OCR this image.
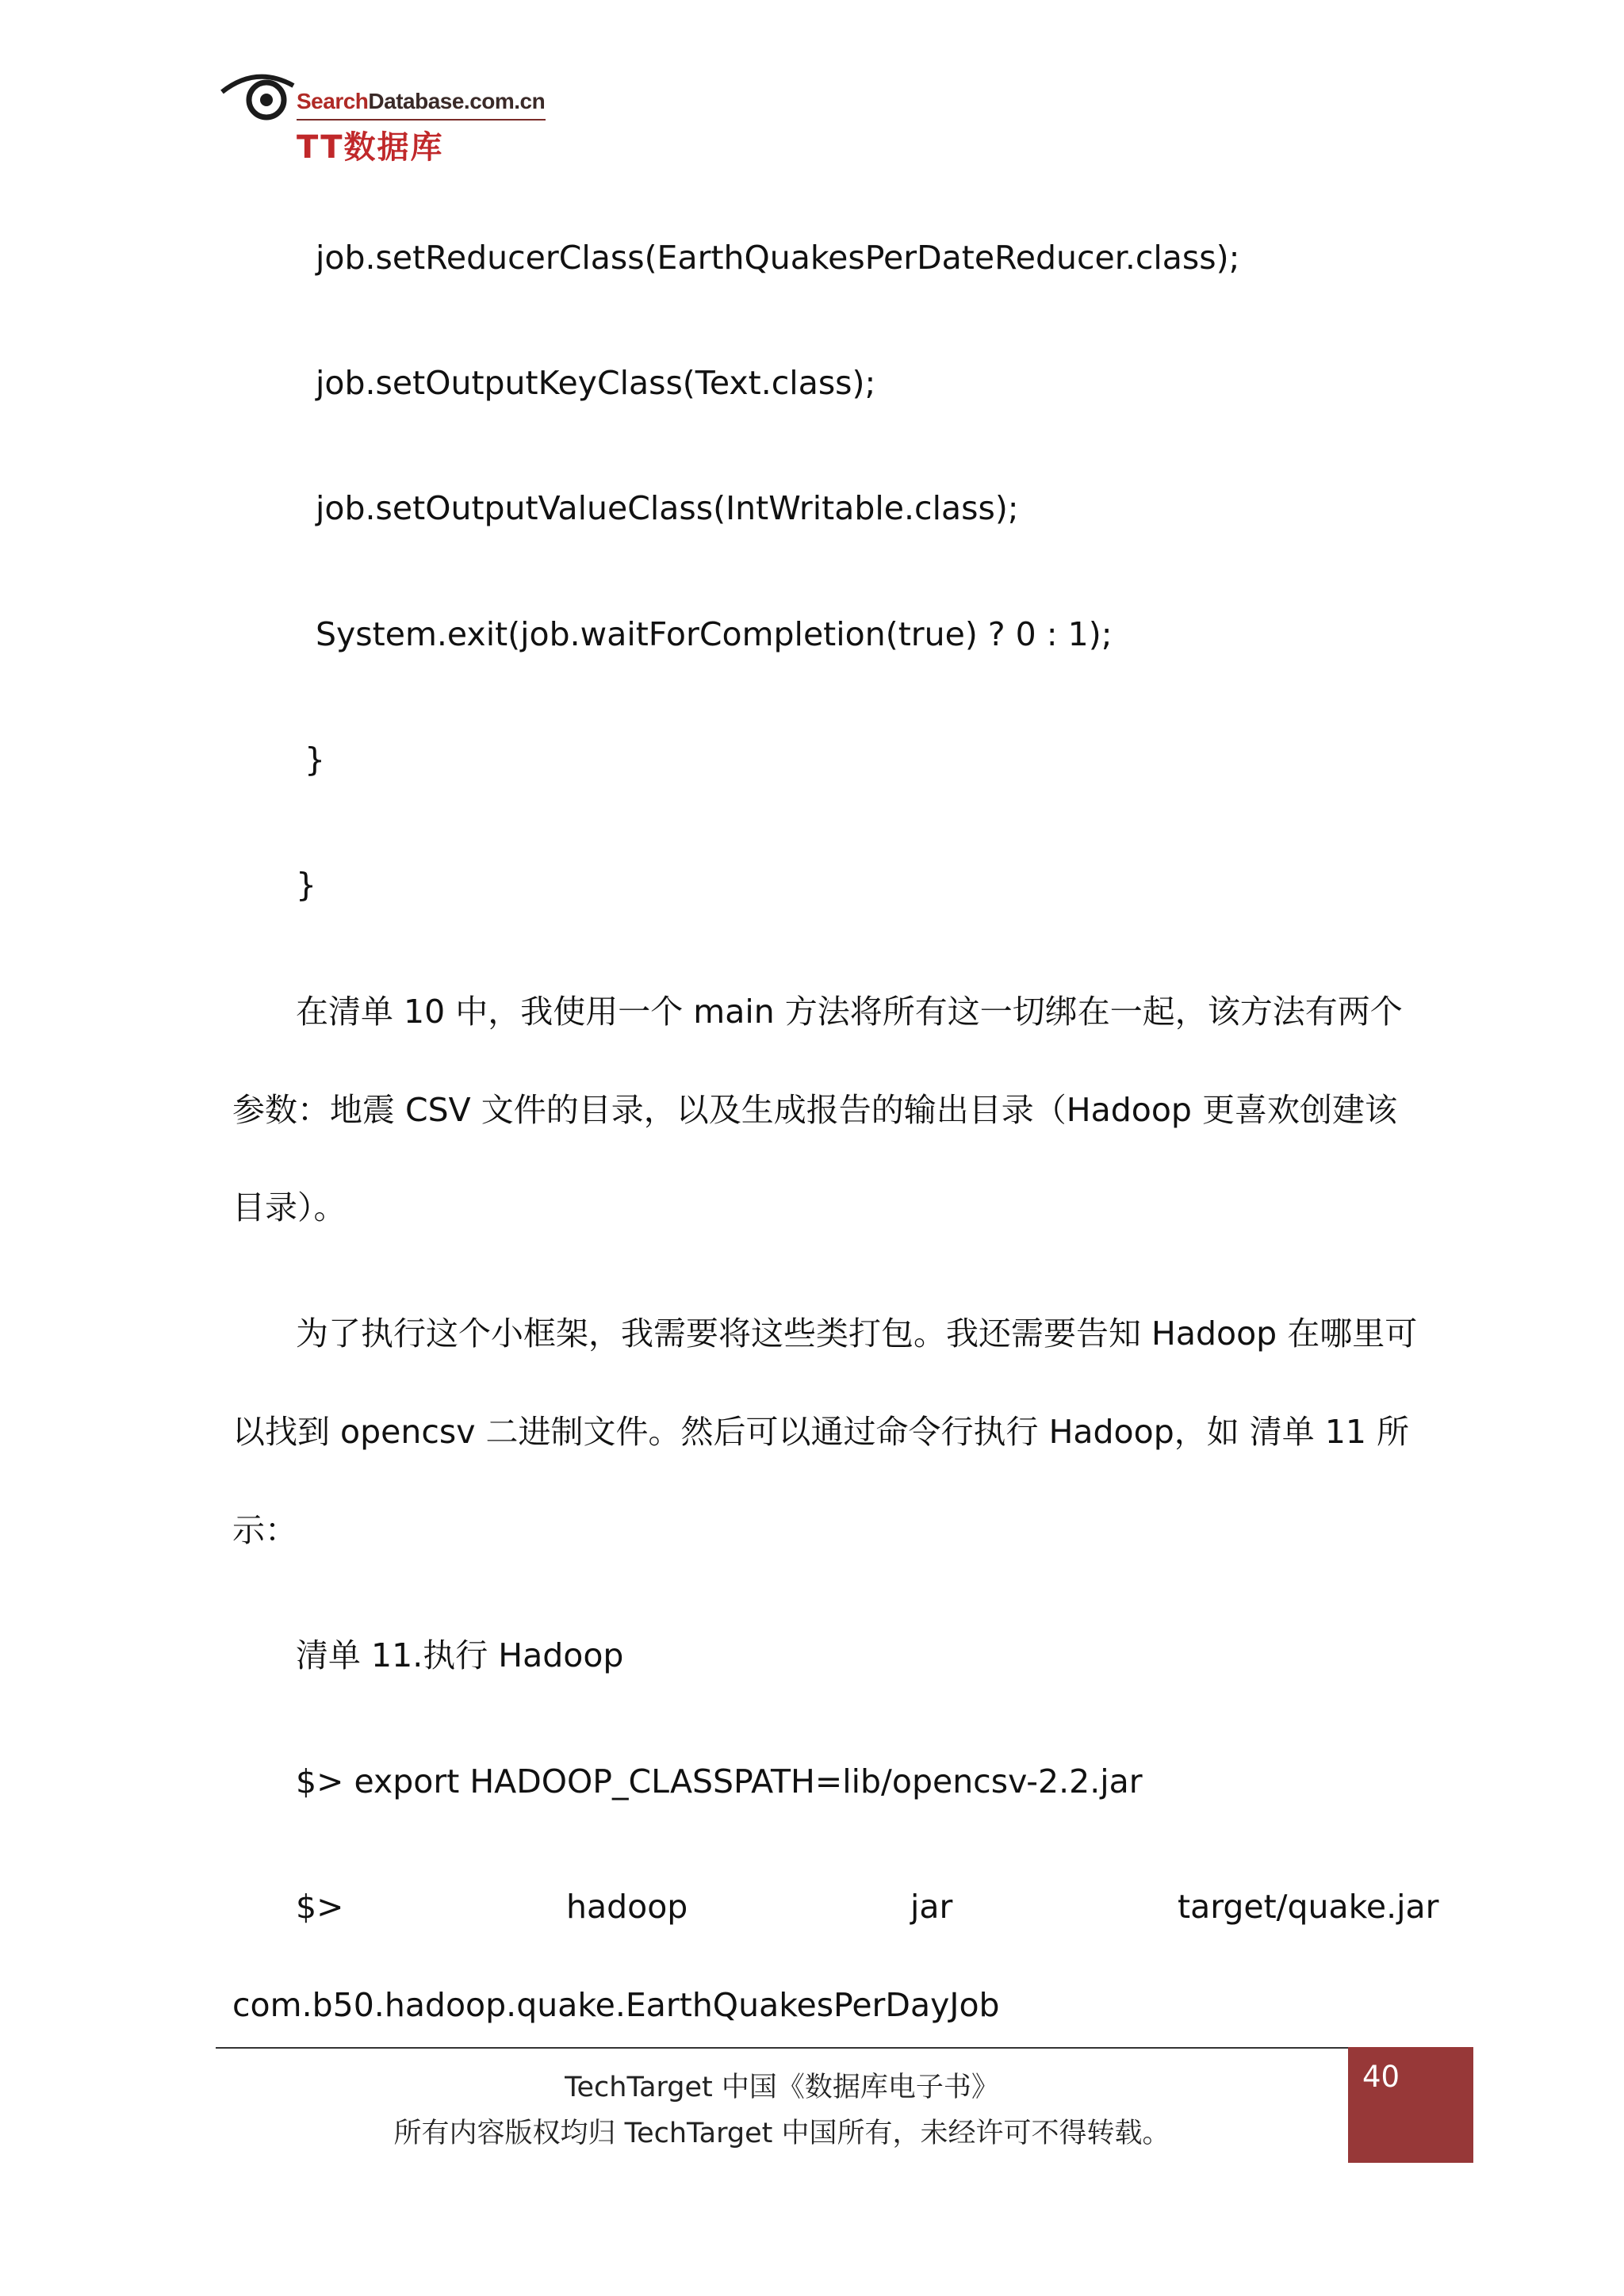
SearchDatabase.com.cn
TT数据库
job.setReducerClass(EarthQuakesPerDateReducer.class);
job.setOutputKeyClass(Text.class);
job.setOutputValueClass(IntWritable.class);
System.exit(job.waitForCompletion(true) ? 0 : 1);
}
}
在清单 10 中，我使用一个 main 方法将所有这一切绑在一起，该方法有两个
参数：地震 CSV 文件的目录，以及生成报告的输出目录（Hadoop 更喜欢创建该
目录）。
为了执行这个小框架，我需要将这些类打包。我还需要告知 Hadoop 在哪里可
以找到 opencsv 二进制文件。然后可以通过命令行执行 Hadoop，如 清单 11 所
示：
清单 11.执行 Hadoop
$> export HADOOP_CLASSPATH=lib/opencsv-2.2.jar
$>	hadoop	jar	target/quake.jar
com.b50.hadoop.quake.EarthQuakesPerDayJob
TechTarget 中国《数据库电子书》
所有内容版权均归 TechTarget 中国所有，未经许可不得转载。
40
